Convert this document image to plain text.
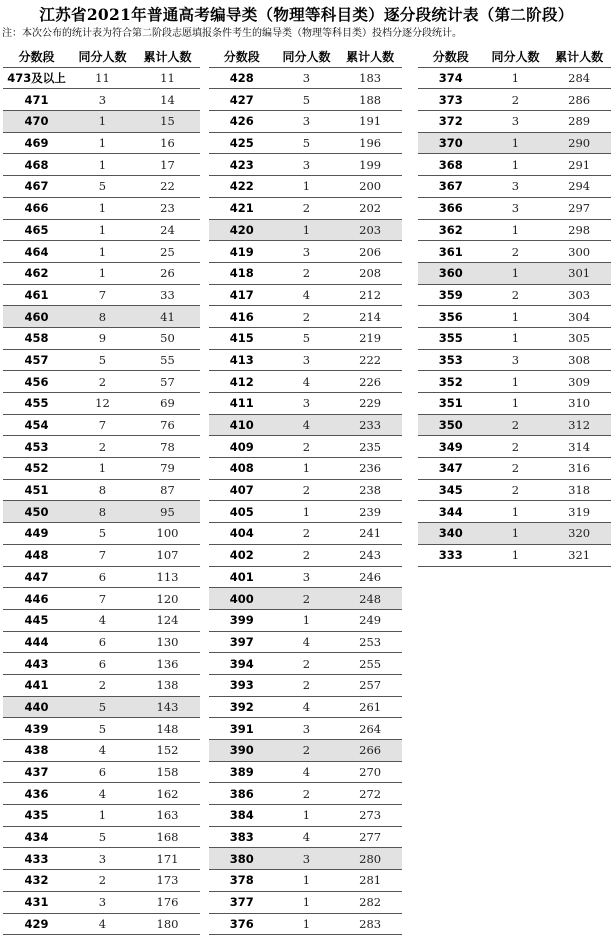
江苏省2021年普通高考编导类（物理等科目类）逐分段统计表（第二阶段）
注：本次公布的统计表为符合第二阶段志愿填报条件考生的编导类（物理等科目类）投档分逐分段统计。
分数段	同分人数	累计人数
473及以上	11	11
471	3	14
470	1	15
469	1	16
468	1	17
467	5	22
466	1	23
465	1	24
464	1	25
462	1	26
461	7	33
460	8	41
458	9	50
457	5	55
456	2	57
455	12	69
454	7	76
453	2	78
452	1	79
451	8	87
450	8	95
449	5	100
448	7	107
447	6	113
446	7	120
445	4	124
444	6	130
443	6	136
441	2	138
440	5	143
439	5	148
438	4	152
437	6	158
436	4	162
435	1	163
434	5	168
433	3	171
432	2	173
431	3	176
429	4	180
分数段	同分人数	累计人数
428	3	183
427	5	188
426	3	191
425	5	196
423	3	199
422	1	200
421	2	202
420	1	203
419	3	206
418	2	208
417	4	212
416	2	214
415	5	219
413	3	222
412	4	226
411	3	229
410	4	233
409	2	235
408	1	236
407	2	238
405	1	239
404	2	241
402	2	243
401	3	246
400	2	248
399	1	249
397	4	253
394	2	255
393	2	257
392	4	261
391	3	264
390	2	266
389	4	270
386	2	272
384	1	273
383	4	277
380	3	280
378	1	281
377	1	282
376	1	283
分数段	同分人数	累计人数
374	1	284
373	2	286
372	3	289
370	1	290
368	1	291
367	3	294
366	3	297
362	1	298
361	2	300
360	1	301
359	2	303
356	1	304
355	1	305
353	3	308
352	1	309
351	1	310
350	2	312
349	2	314
347	2	316
345	2	318
344	1	319
340	1	320
333	1	321
